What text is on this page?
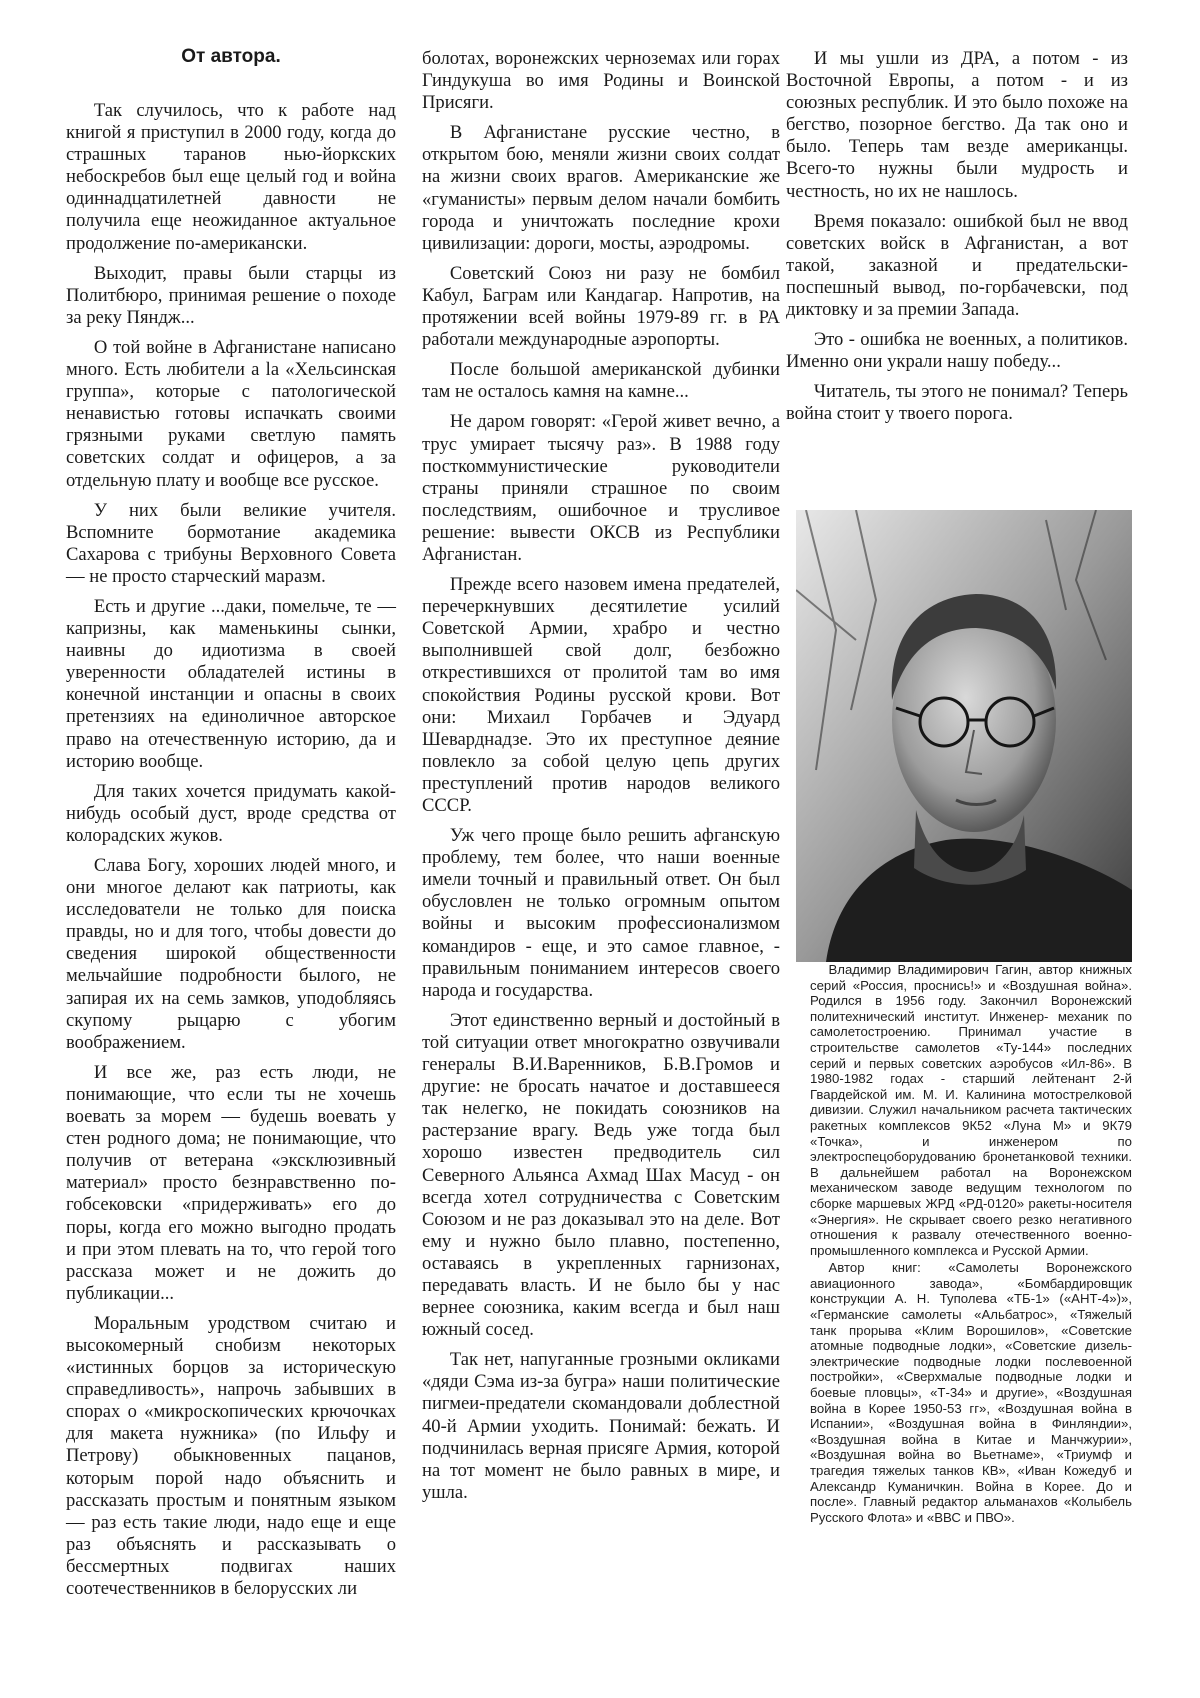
От автора.

Так случилось, что к работе над книгой я приступил в 2000 году, когда до страшных таранов нью-йоркских небоскребов был еще целый год и война одиннадцатилетней давности не получила еще неожиданное актуальное продолжение по-американски.

Выходит, правы были старцы из Политбюро, принимая решение о походе за реку Пяндж...

О той войне в Афганистане написано много. Есть любители a la «Хельсинская группа», которые с патологической ненавистью готовы испачкать своими грязными руками светлую память советских солдат и офицеров, а за отдельную плату и вообще все русское.

У них были великие учителя. Вспомните бормотание академика Сахарова с трибуны Верховного Совета — не просто старческий маразм.

Есть и другие ...даки, помельче, те — капризны, как маменькины сынки, наивны до идиотизма в своей уверенности обладателей истины в конечной инстанции и опасны в своих претензиях на единоличное авторское право на отечественную историю, да и историю вообще.

Для таких хочется придумать какой-нибудь особый дуст, вроде средства от колорадских жуков.

Слава Богу, хороших людей много, и они многое делают как патриоты, как исследователи не только для поиска правды, но и для того, чтобы довести до сведения широкой общественности мельчайшие подробности былого, не запирая их на семь замков, уподобляясь скупому рыцарю с убогим воображением.

И все же, раз есть люди, не понимающие, что если ты не хочешь воевать за морем — будешь воевать у стен родного дома; не понимающие, что получив от ветерана «эксклюзивный материал» просто безнравственно по-гобсековски «придерживать» его до поры, когда его можно выгодно продать и при этом плевать на то, что герой того рассказа может и не дожить до публикации...

Моральным уродством считаю и высокомерный снобизм некоторых «истинных борцов за историческую справедливость», напрочь забывших в спорах о «микроскопических крючочках для макета нужника» (по Ильфу и Петрову) обыкновенных пацанов, которым порой надо объяснить и рассказать простым и понятным языком — раз есть такие люди, надо еще и еще раз объяснять и рассказывать о бессмертных подвигах наших соотечественников в белорусских ли

болотах, воронежских черноземах или горах Гиндукуша во имя Родины и Воинской Присяги.

В Афганистане русские честно, в открытом бою, меняли жизни своих солдат на жизни своих врагов. Американские же «гуманисты» первым делом начали бомбить города и уничтожать последние крохи цивилизации: дороги, мосты, аэродромы.

Советский Союз ни разу не бомбил Кабул, Баграм или Кандагар. Напротив, на протяжении всей войны 1979-89 гг. в РА работали международные аэропорты.

После большой американской дубинки там не осталось камня на камне...

Не даром говорят: «Герой живет вечно, а трус умирает тысячу раз». В 1988 году посткоммунистические руководители страны приняли страшное по своим последствиям, ошибочное и трусливое решение: вывести ОКСВ из Республики Афганистан.

Прежде всего назовем имена предателей, перечеркнувших десятилетие усилий Советской Армии, храбро и честно выполнившей свой долг, безбожно открестившихся от пролитой там во имя спокойствия Родины русской крови. Вот они: Михаил Горбачев и Эдуард Шеварднадзе. Это их преступное деяние повлекло за собой целую цепь других преступлений против народов великого СССР.

Уж чего проще было решить афганскую проблему, тем более, что наши военные имели точный и правильный ответ. Он был обусловлен не только огромным опытом войны и высоким профессионализмом командиров - еще, и это самое главное, - правильным пониманием интересов своего народа и государства.

Этот единственно верный и достойный в той ситуации ответ многократно озвучивали генералы В.И.Варенников, Б.В.Громов и другие: не бросать начатое и доставшееся так нелегко, не покидать союзников на растерзание врагу. Ведь уже тогда был хорошо известен предводитель сил Северного Альянса Ахмад Шах Масуд - он всегда хотел сотрудничества с Советским Союзом и не раз доказывал это на деле. Вот ему и нужно было плавно, постепенно, оставаясь в укрепленных гарнизонах, передавать власть. И не было бы у нас вернее союзника, каким всегда и был наш южный сосед.

Так нет, напуганные грозными окликами «дяди Сэма из-за бугра» наши политические пигмеи-предатели скомандовали доблестной 40-й Армии уходить. Понимай: бежать. И подчинилась верная присяге Армия, которой на тот момент не было равных в мире, и ушла.

И мы ушли из ДРА, а потом - из Восточной Европы, а потом - и из союзных республик. И это было похоже на бегство, позорное бегство. Да так оно и было. Теперь там везде американцы. Всего-то нужны были мудрость и честность, но их не нашлось.

Время показало: ошибкой был не ввод советских войск в Афганистан, а вот такой, заказной и предательски-поспешный вывод, по-горбачевски, под диктовку и за премии Запада.

Это - ошибка не военных, а политиков. Именно они украли нашу победу...

Читатель, ты этого не понимал? Теперь война стоит у твоего порога.

Владимир Владимирович Гагин, автор книжных серий «Россия, проснись!» и «Воздушная война». Родился в 1956 году. Закончил Воронежский политехнический институт. Инженер- механик по самолетостроению. Принимал участие в строительстве самолетов «Ту-144» последних серий и первых советских аэробусов «Ил-86». В 1980-1982 годах - старший лейтенант 2-й Гвардейской им. М. И. Калинина мотострелковой дивизии. Служил начальником расчета тактических ракетных комплексов 9К52 «Луна М» и 9К79 «Точка», и инженером по электроспецоборудованию бронетанковой техники. В дальнейшем работал на Воронежском механическом заводе ведущим технологом по сборке маршевых ЖРД «РД-0120» ракеты-носителя «Энергия». Не скрывает своего резко негативного отношения к развалу отечественного военно-промышленного комплекса и Русской Армии.

Автор книг: «Самолеты Воронежского авиационного завода», «Бомбардировщик конструкции А. Н. Туполева «ТБ-1» («АНТ-4»)», «Германские самолеты «Альбатрос», «Тяжелый танк прорыва «Клим Ворошилов», «Советские атомные подводные лодки», «Советские дизель-электрические подводные лодки послевоенной постройки», «Сверхмалые подводные лодки и боевые пловцы», «Т-34» и другие», «Воздушная война в Корее 1950-53 гг», «Воздушная война в Испании», «Воздушная война в Финляндии», «Воздушная война в Китае и Манчжурии», «Воздушная война во Вьетнаме», «Триумф и трагедия тяжелых танков КВ», «Иван Кожедуб и Александр Куманичкин. Война в Корее. До и после». Главный редактор альманахов «Колыбель Русского Флота» и «ВВС и ПВО».
